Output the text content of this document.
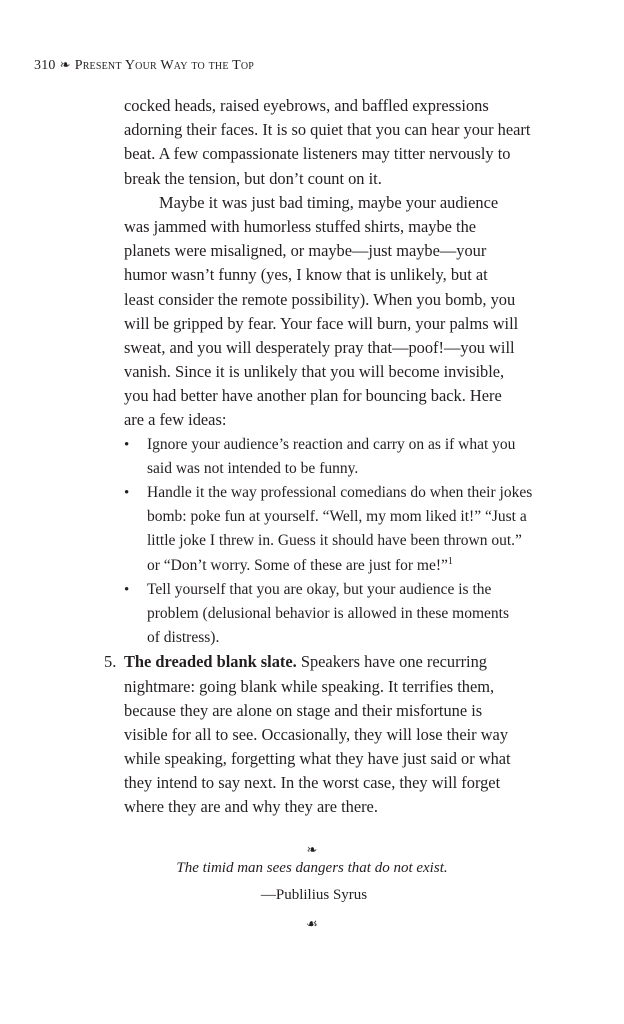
310 ❧ Present Your Way to the Top
cocked heads, raised eyebrows, and baffled expressions
adorning their faces. It is so quiet that you can hear your heart
beat. A few compassionate listeners may titter nervously to
break the tension, but don’t count on it.
Maybe it was just bad timing, maybe your audience
was jammed with humorless stuffed shirts, maybe the
planets were misaligned, or maybe—just maybe—your
humor wasn’t funny (yes, I know that is unlikely, but at
least consider the remote possibility). When you bomb, you
will be gripped by fear. Your face will burn, your palms will
sweat, and you will desperately pray that—poof!—you will
vanish. Since it is unlikely that you will become invisible,
you had better have another plan for bouncing back. Here
are a few ideas:
•	Ignore your audience’s reaction and carry on as if what you
said was not intended to be funny.
•	Handle it the way professional comedians do when their jokes
bomb: poke fun at yourself. “Well, my mom liked it!” “Just a
little joke I threw in. Guess it should have been thrown out.”
or “Don’t worry. Some of these are just for me!”$^1$
•	Tell yourself that you are okay, but your audience is the
problem (delusional behavior is allowed in these moments
of distress).
5. The dreaded blank slate. Speakers have one recurring
nightmare: going blank while speaking. It terrifies them,
because they are alone on stage and their misfortune is
visible for all to see. Occasionally, they will lose their way
while speaking, forgetting what they have just said or what
they intend to say next. In the worst case, they will forget
where they are and why they are there.
❧
The timid man sees dangers that do not exist.
—Publilius Syrus
☙
